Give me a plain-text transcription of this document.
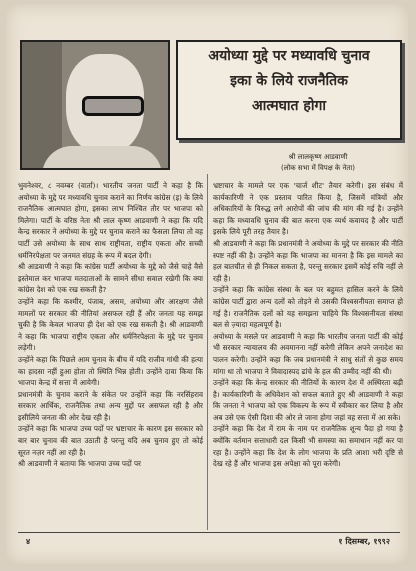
अयोध्या मुद्दे पर मध्यावधि चुनाव
इका के लिये राजनैतिक
आत्मघात होगा
श्री लालकृष्ण आडवाणी
(लोक सभा में विपक्ष के नेता)

भुवनेश्वर, ८ नवम्बर (वार्ता)। भारतीय जनता पार्टी ने कहा है कि अयोध्या के मुद्दे पर मध्यावधि चुनाव कराने का निर्णय कांग्रेस (इ) के लिये राजनैतिक आत्मघात होगा, इसका लाभ निश्चित तौर पर भाजपा को मिलेगा। पार्टी के वरिष्ठ नेता श्री लाल कृष्ण आडवाणी ने कहा कि यदि केन्द्र सरकार ने अयोध्या के मुद्दे पर चुनाव कराने का फैसला लिया तो वह पार्टी उसे अयोध्या के साथ साथ राष्ट्रीयता, राष्ट्रीय एकता और सच्ची धर्मनिरपेक्षता पर जनमत संग्रह के रूप में बदल देगी।

श्री आडवाणी ने कहा कि कांग्रेस पार्टी अयोध्या के मुद्दे को जैसे चाहे वैसे इस्तेमाल कर भाजपा मतदाताओं के सामने सीधा सवाल रखेगी कि क्या कांग्रेस देश को एक रख सकती है?

उन्होंने कहा कि कश्मीर, पंजाब, असम, अयोध्या और आरक्षण जैसे मामलों पर सरकार की नीतियां असफल रही हैं और जनता यह समझ चुकी है कि केवल भाजपा ही देश को एक रख सकती है। श्री आडवाणी ने कहा कि भाजपा राष्ट्रीय एकता और धर्मनिरपेक्षता के मुद्दे पर चुनाव लड़ेगी।

उन्होंने कहा कि पिछले आम चुनाव के बीच में यदि राजीव गांधी की हत्या का हादसा नहीं हुआ होता तो स्थिति भिन्न होती। उन्होंने दावा किया कि भाजपा केन्द्र में सत्ता में आयेगी।

प्रधानमंत्री के चुनाव कराने के संकेत पर उन्होंने कहा कि नरसिंहराव सरकार आर्थिक, राजनैतिक तथा अन्य मुद्दों पर असफल रही है और इसीलिये जनता की ओर देख रही है।

उन्होंने कहा कि भाजपा उच्च पदों पर भ्रष्टाचार के कारण इस सरकार को बार बार चुनाव की बात उठाती है परन्तु यदि अब चुनाव हुए तो कोई सूरत नज़र नहीं आ रही है।

श्री आडवाणी ने बताया कि भाजपा उच्च पदों पर

भ्रष्टाचार के मामले पर एक 'चार्ज शीट' तैयार करेगी। इस संबंध में कार्यकारिणी ने एक प्रस्ताव पारित किया है, जिसमें मंत्रियों और अधिकारियों के विरुद्ध लगे आरोपों की जांच की मांग की गई है। उन्होंने कहा कि मध्यावधि चुनाव की बात करना एक व्यर्थ कवायद है और पार्टी इसके लिये पूरी तरह तैयार है।

श्री आडवाणी ने कहा कि प्रधानमंत्री ने अयोध्या के मुद्दे पर सरकार की नीति स्पष्ट नहीं की है। उन्होंने कहा कि भाजपा का मानना है कि इस मामले का हल बातचीत से ही निकल सकता है, परन्तु सरकार इसमें कोई रुचि नहीं ले रही है।

उन्होंने कहा कि कांग्रेस संस्था के बल पर बहुमत हासिल करने के लिये कांग्रेस पार्टी द्वारा अन्य दलों को तोड़ने से उसकी विश्वसनीयता समाप्त हो गई है। राजनैतिक दलों को यह समझना चाहिये कि विश्वसनीयता संस्था बल से ज़्यादा महत्वपूर्ण है।

अयोध्या के मसले पर आडवाणी ने कहा कि भारतीय जनता पार्टी की कोई भी सरकार न्यायालय की अवमानना नहीं करेगी लेकिन अपने जनादेश का पालन करेगी। उन्होंने कहा कि जब प्रधानमंत्री ने साधु संतों से कुछ समय मांगा था तो भाजपा ने विवादास्पद ढांचे के हल की उम्मीद नहीं की थी।

उन्होंने कहा कि केन्द्र सरकार की नीतियों के कारण देश में अस्थिरता बढ़ी है। कार्यकारिणी के अधिवेशन को सफल बताते हुए श्री आडवाणी ने कहा कि जनता ने भाजपा को एक विकल्प के रूप में स्वीकार कर लिया है और अब उसे एक ऐसी दिशा की ओर ले जाना होगा जहां वह सत्ता में आ सके।

उन्होंने कहा कि देश में राम के नाम पर राजनैतिक शून्य पैदा हो गया है क्योंकि वर्तमान सत्ताधारी दल किसी भी समस्या का समाधान नहीं कर पा रहा है। उन्होंने कहा कि देश के लोग भाजपा के प्रति आशा भरी दृष्टि से देख रहे हैं और भाजपा इस अपेक्षा को पूरा करेगी।

४	१ दिसम्बर, १९९२
